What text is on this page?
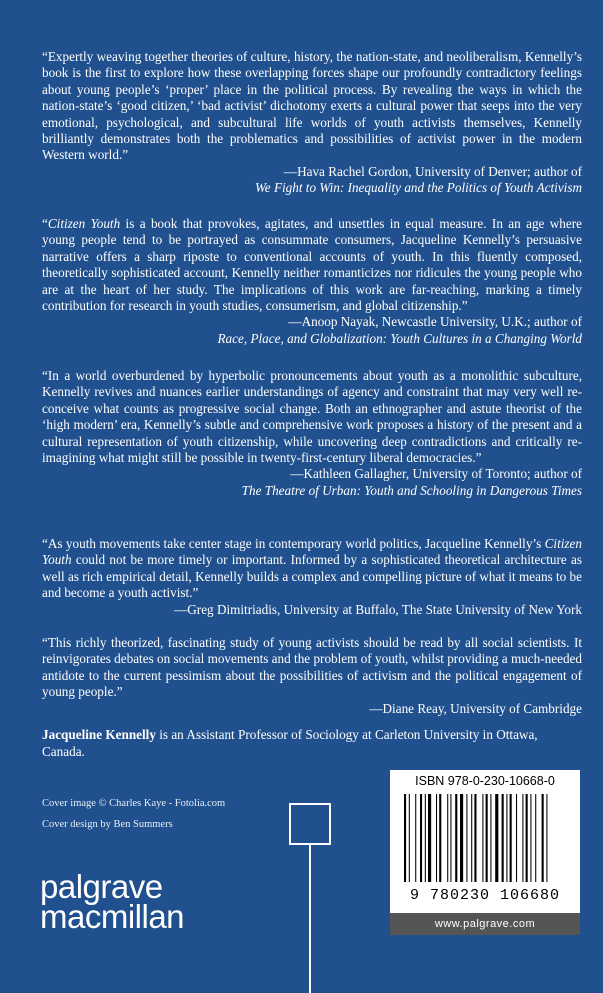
“Expertly weaving together theories of culture, history, the nation-state, and neoliberalism, Kennelly’s book is the first to explore how these overlapping forces shape our profoundly contradictory feelings about young people’s ‘proper’ place in the political process. By revealing the ways in which the nation-state’s ‘good citizen,’ ‘bad activist’ dichotomy exerts a cultural power that seeps into the very emotional, psychological, and subcultural life worlds of youth activists themselves, Kennelly brilliantly demonstrates both the problematics and possibilities of activist power in the modern Western world.”

—Hava Rachel Gordon, University of Denver; author of

We Fight to Win: Inequality and the Politics of Youth Activism

“Citizen Youth is a book that provokes, agitates, and unsettles in equal measure. In an age where young people tend to be portrayed as consummate consumers, Jacqueline Kennelly’s persuasive narrative offers a sharp riposte to conventional accounts of youth. In this fluently composed, theoretically sophisticated account, Kennelly neither romanticizes nor ridicules the young people who are at the heart of her study. The implications of this work are far-reaching, marking a timely contribution for research in youth studies, consumerism, and global citizenship.”

—Anoop Nayak, Newcastle University, U.K.; author of

Race, Place, and Globalization: Youth Cultures in a Changing World

“In a world overburdened by hyperbolic pronouncements about youth as a monolithic subculture, Kennelly revives and nuances earlier understandings of agency and constraint that may very well re-conceive what counts as progressive social change. Both an ethnographer and astute theorist of the ‘high modern’ era, Kennelly’s subtle and comprehensive work proposes a history of the present and a cultural representation of youth citizenship, while uncovering deep contradictions and critically re-imagining what might still be possible in twenty-first-century liberal democracies.”

—Kathleen Gallagher, University of Toronto; author of

The Theatre of Urban: Youth and Schooling in Dangerous Times

“As youth movements take center stage in contemporary world politics, Jacqueline Kennelly’s Citizen Youth could not be more timely or important. Informed by a sophisticated theoretical architecture as well as rich empirical detail, Kennelly builds a complex and compelling picture of what it means to be and become a youth activist.”

—Greg Dimitriadis, University at Buffalo, The State University of New York

“This richly theorized, fascinating study of young activists should be read by all social scientists. It reinvigorates debates on social movements and the problem of youth, whilst providing a much-needed antidote to the current pessimism about the possibilities of activism and the political engagement of young people.”

—Diane Reay, University of Cambridge

Jacqueline Kennelly is an Assistant Professor of Sociology at Carleton University in Ottawa, Canada.
Cover image © Charles Kaye - Fotolia.com
Cover design by Ben Summers
palgrave
macmillan
ISBN 978-0-230-10668-0
9 780230 106680
www.palgrave.com
